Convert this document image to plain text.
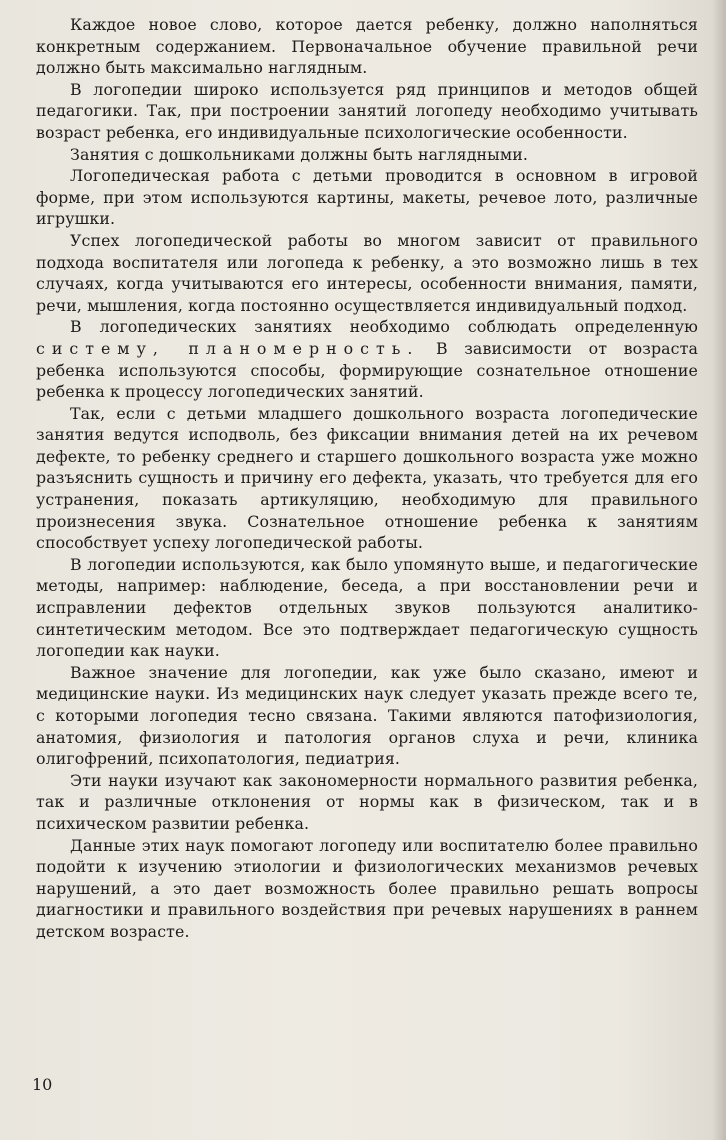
Каждое новое слово, которое дается ребенку, должно наполняться конкретным содержанием. Первоначальное обучение правильной речи должно быть максимально наглядным.

В логопедии широко используется ряд принципов и методов общей педагогики. Так, при построении занятий логопеду необходимо учитывать возраст ребенка, его индивидуальные психологические особенности.

Занятия с дошкольниками должны быть наглядными.

Логопедическая работа с детьми проводится в основном в игровой форме, при этом используются картины, макеты, речевое лото, различные игрушки.

Успех логопедической работы во многом зависит от правильного подхода воспитателя или логопеда к ребенку, а это возможно лишь в тех случаях, когда учитываются его интересы, особенности внимания, памяти, речи, мышления, когда постоянно осуществляется индивидуальный подход.

В логопедических занятиях необходимо соблюдать определенную систему, планомерность. В зависимости от возраста ребенка используются способы, формирующие сознательное отношение ребенка к процессу логопедических занятий.

Так, если с детьми младшего дошкольного возраста логопедические занятия ведутся исподволь, без фиксации внимания детей на их речевом дефекте, то ребенку среднего и старшего дошкольного возраста уже можно разъяснить сущность и причину его дефекта, указать, что требуется для его устранения, показать артикуляцию, необходимую для правильного произнесения звука. Сознательное отношение ребенка к занятиям способствует успеху логопедической работы.

В логопедии используются, как было упомянуто выше, и педагогические методы, например: наблюдение, беседа, а при восстановлении речи и исправлении дефектов отдельных звуков пользуются аналитико-синтетическим методом. Все это подтверждает педагогическую сущность логопедии как науки.

Важное значение для логопедии, как уже было сказано, имеют и медицинские науки. Из медицинских наук следует указать прежде всего те, с которыми логопедия тесно связана. Такими являются патофизиология, анатомия, физиология и патология органов слуха и речи, клиника олигофрений, психопатология, педиатрия.

Эти науки изучают как закономерности нормального развития ребенка, так и различные отклонения от нормы как в физическом, так и в психическом развитии ребенка.

Данные этих наук помогают логопеду или воспитателю более правильно подойти к изучению этиологии и физиологических механизмов речевых нарушений, а это дает возможность более правильно решать вопросы диагностики и правильного воздействия при речевых нарушениях в раннем детском возрасте.

10
